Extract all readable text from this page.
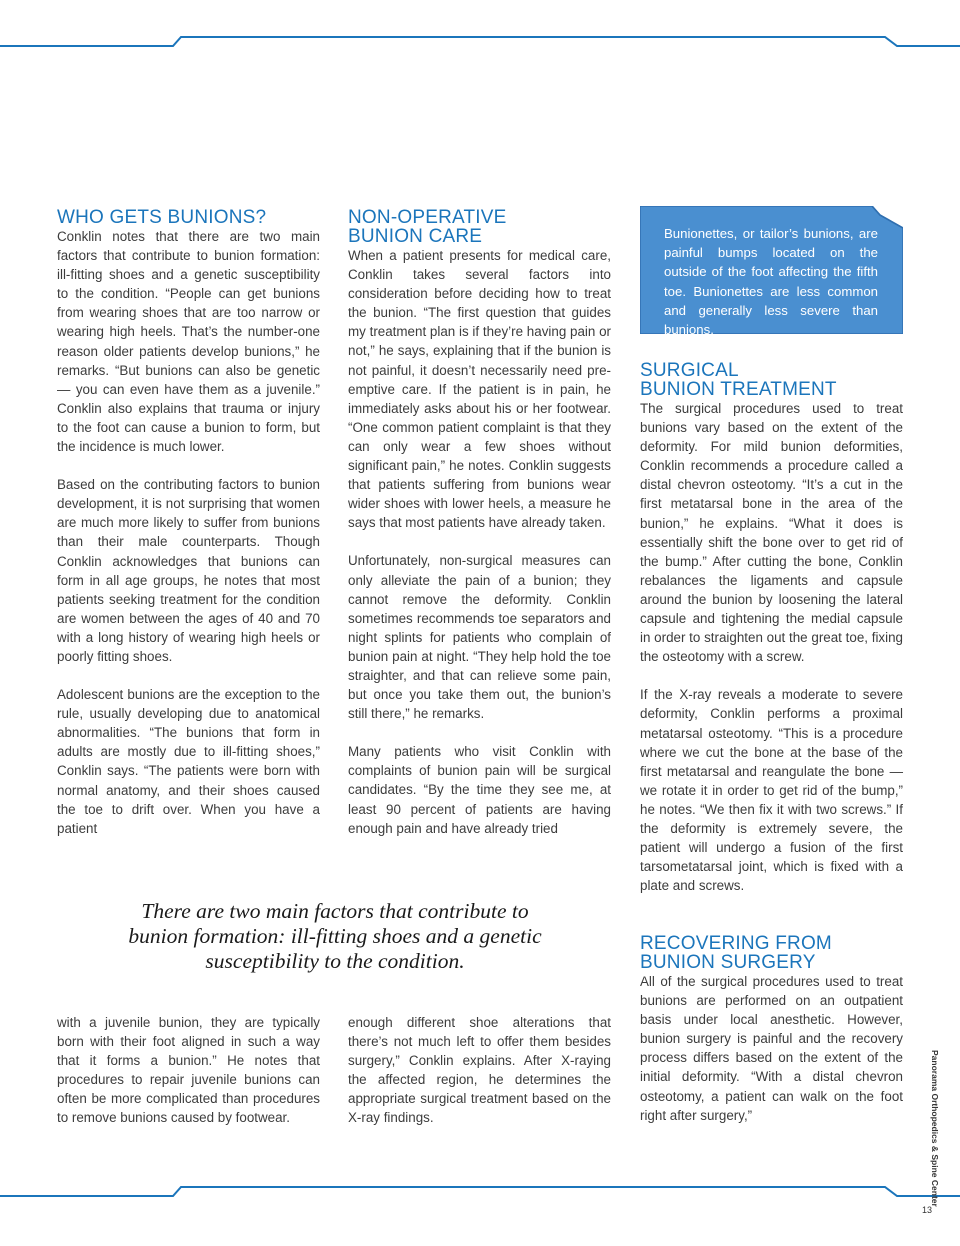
WHO GETS BUNIONS?

Conklin notes that there are two main factors that contribute to bunion formation: ill-fitting shoes and a genetic susceptibility to the condition. “People can get bunions from wearing shoes that are too narrow or wearing high heels. That’s the number-one reason older patients develop bunions,” he remarks. “But bunions can also be genetic — you can even have them as a juvenile.” Conklin also explains that trauma or injury to the foot can cause a bunion to form, but the incidence is much lower.

Based on the contributing factors to bunion development, it is not surprising that women are much more likely to suffer from bunions than their male counterparts. Though Conklin acknowledges that bunions can form in all age groups, he notes that most patients seeking treatment for the condition are women between the ages of 40 and 70 with a long history of wearing high heels or poorly fitting shoes.

Adolescent bunions are the exception to the rule, usually developing due to anatomical abnormalities. “The bunions that form in adults are mostly due to ill-fitting shoes,” Conklin says. “The patients were born with normal anatomy, and their shoes caused the toe to drift over. When you have a patient

with a juvenile bunion, they are typically born with their foot aligned in such a way that it forms a bunion.” He notes that procedures to repair juvenile bunions can often be more complicated than procedures to remove bunions caused by footwear.

NON-OPERATIVE
BUNION CARE

When a patient presents for medical care, Conklin takes several factors into consideration before deciding how to treat the bunion. “The first question that guides my treatment plan is if they’re having pain or not,” he says, explaining that if the bunion is not painful, it doesn’t necessarily need pre-emptive care. If the patient is in pain, he immediately asks about his or her footwear. “One common patient complaint is that they can only wear a few shoes without significant pain,” he notes. Conklin suggests that patients suffering from bunions wear wider shoes with lower heels, a measure he says that most patients have already taken.

Unfortunately, non-surgical measures can only alleviate the pain of a bunion; they cannot remove the deformity. Conklin sometimes recommends toe separators and night splints for patients who complain of bunion pain at night. “They help hold the toe straighter, and that can relieve some pain, but once you take them out, the bunion’s still there,” he remarks.

Many patients who visit Conklin with complaints of bunion pain will be surgical candidates. “By the time they see me, at least 90 percent of patients are having enough pain and have already tried

enough different shoe alterations that there’s not much left to offer them besides surgery,” Conklin explains. After X-raying the affected region, he determines the appropriate surgical treatment based on the X-ray findings.

Bunionettes, or tailor’s bunions, are painful bumps located on the outside of the foot affecting the fifth toe. Bunionettes are less common and generally less severe than bunions.

SURGICAL
BUNION TREATMENT

The surgical procedures used to treat bunions vary based on the extent of the deformity. For mild bunion deformities, Conklin recommends a procedure called a distal chevron osteotomy. “It’s a cut in the first metatarsal bone in the area of the bunion,” he explains. “What it does is essentially shift the bone over to get rid of the bump.” After cutting the bone, Conklin rebalances the ligaments and capsule around the bunion by loosening the lateral capsule and tightening the medial capsule in order to straighten out the great toe, fixing the osteotomy with a screw.

If the X-ray reveals a moderate to severe deformity, Conklin performs a proximal metatarsal osteotomy. “This is a procedure where we cut the bone at the base of the first metatarsal and reangulate the bone — we rotate it in order to get rid of the bump,” he notes. “We then fix it with two screws.” If the deformity is extremely severe, the patient will undergo a fusion of the first tarsometatarsal joint, which is fixed with a plate and screws.

RECOVERING FROM
BUNION SURGERY

All of the surgical procedures used to treat bunions are performed on an outpatient basis under local anesthetic. However, bunion surgery is painful and the recovery process differs based on the extent of the initial deformity. “With a distal chevron osteotomy, a patient can walk on the foot right after surgery,”

There are two main factors that contribute to bunion formation: ill-fitting shoes and a genetic susceptibility to the condition.

Panorama Orthopedics & Spine Center
13
